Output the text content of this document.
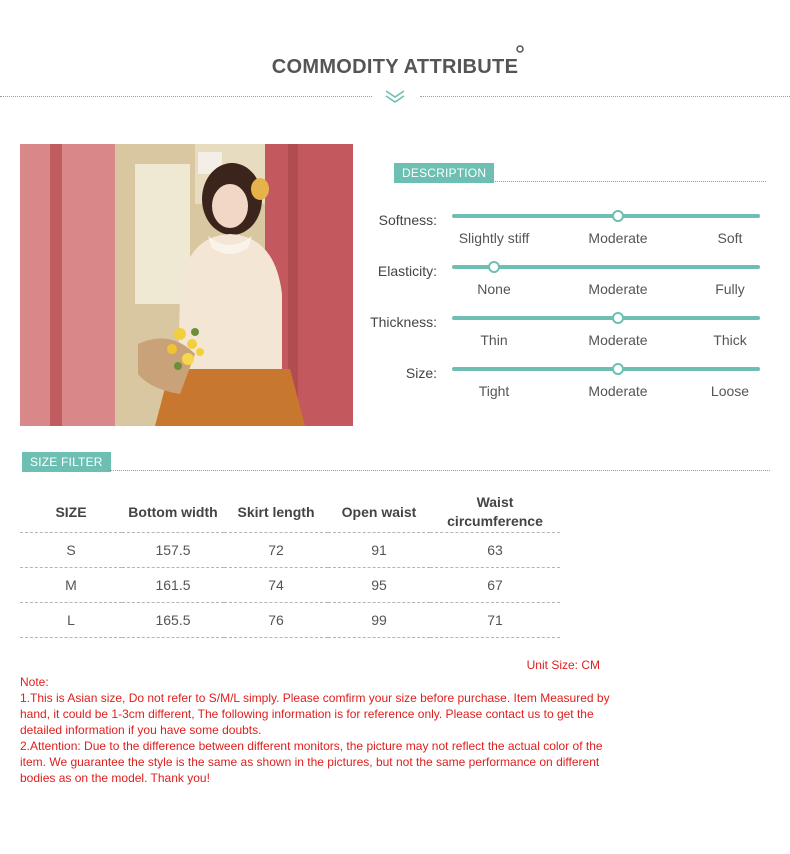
COMMODITY ATTRIBUTE
DESCRIPTION
Softness:
Slightly stiff	Moderate	Soft
Elasticity:
None	Moderate	Fully
Thickness:
Thin	Moderate	Thick
Size:
Tight	Moderate	Loose
SIZE FILTER
SIZE	Bottom width	Skirt length	Open waist	Waist circumference
S	157.5	72	91	63
M	161.5	74	95	67
L	165.5	76	99	71
Unit Size: CM

Note:

1.This is Asian size, Do not refer to S/M/L simply. Please comfirm your size before purchase. Item Measured by hand, it could be 1-3cm different, The following information is for reference only. Please contact us to get the detailed information if you have some doubts.

2.Attention: Due to the difference between different monitors, the picture may not reflect the actual color of the item. We guarantee the style is the same as shown in the pictures, but not the same performance on different bodies as on the model. Thank you!
